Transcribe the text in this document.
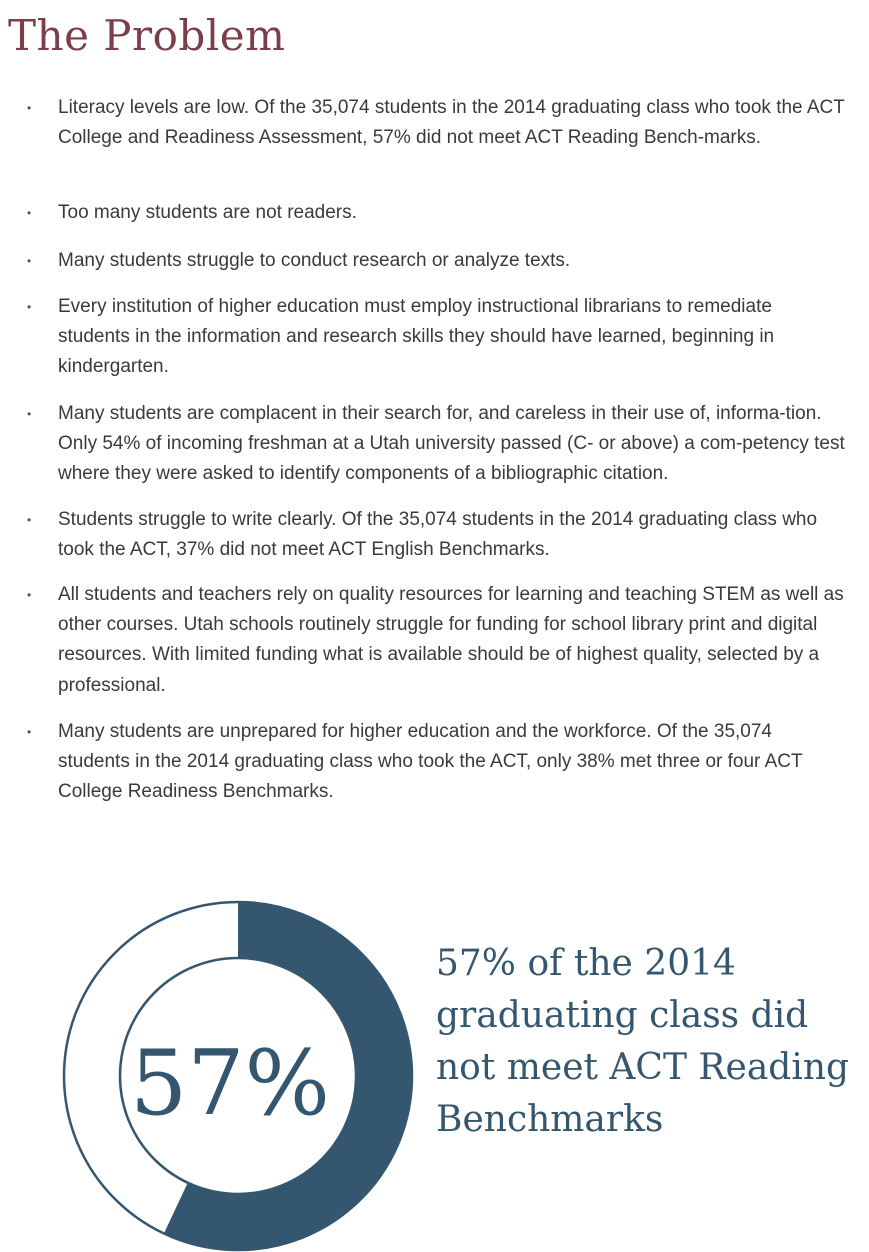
The Problem
• Literacy levels are low. Of the 35,074 students in the 2014 graduating class who took the ACT College and Readiness Assessment, 57% did not meet ACT Reading Bench-marks.
• Too many students are not readers.
• Many students struggle to conduct research or analyze texts.
• Every institution of higher education must employ instructional librarians to remediate students in the information and research skills they should have learned, beginning in kindergarten.
• Many students are complacent in their search for, and careless in their use of, informa-tion. Only 54% of incoming freshman at a Utah university passed (C- or above) a com-petency test where they were asked to identify components of a bibliographic citation.
• Students struggle to write clearly. Of the 35,074 students in the 2014 graduating class who took the ACT, 37% did not meet ACT English Benchmarks.
• All students and teachers rely on quality resources for learning and teaching STEM as well as other courses. Utah schools routinely struggle for funding for school library print and digital resources. With limited funding what is available should be of highest quality, selected by a professional.
• Many students are unprepared for higher education and the workforce. Of the 35,074 students in the 2014 graduating class who took the ACT, only 38% met three or four ACT College Readiness Benchmarks.
57%

57% of the 2014 graduating class did not meet ACT Reading Benchmarks
